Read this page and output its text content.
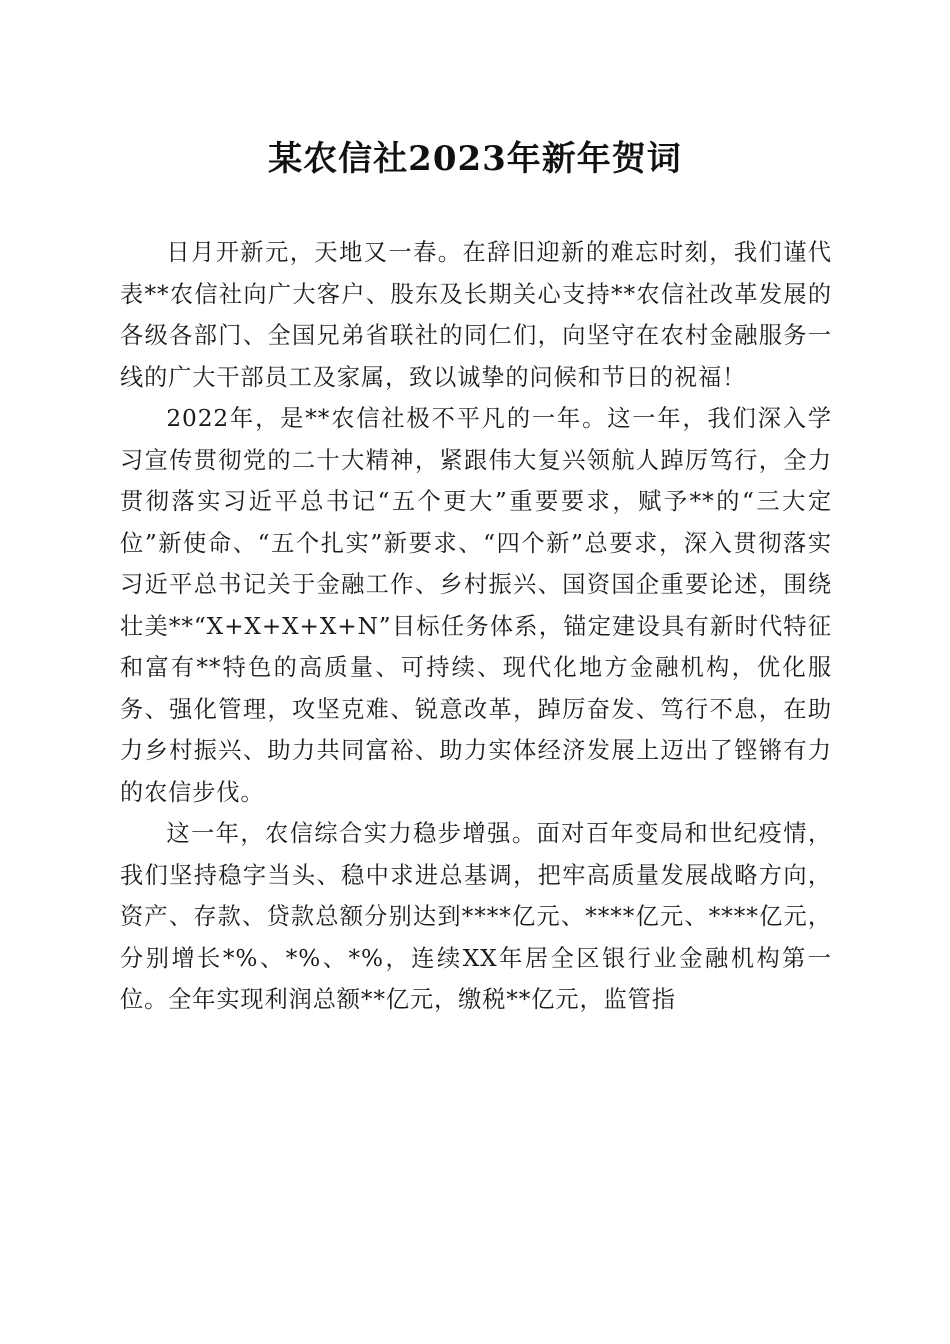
某农信社2023年新年贺词

日月开新元，天地又一春。在辞旧迎新的难忘时刻，我们谨代表**农信社向广大客户、股东及长期关心支持**农信社改革发展的各级各部门、全国兄弟省联社的同仁们，向坚守在农村金融服务一线的广大干部员工及家属，致以诚挚的问候和节日的祝福！

2022年，是**农信社极不平凡的一年。这一年，我们深入学习宣传贯彻党的二十大精神，紧跟伟大复兴领航人踔厉笃行，全力贯彻落实习近平总书记“五个更大”重要要求，赋予**的“三大定位”新使命、“五个扎实”新要求、“四个新”总要求，深入贯彻落实习近平总书记关于金融工作、乡村振兴、国资国企重要论述，围绕壮美**“X+X+X+X+N”目标任务体系，锚定建设具有新时代特征和富有**特色的高质量、可持续、现代化地方金融机构，优化服务、强化管理，攻坚克难、锐意改革，踔厉奋发、笃行不息，在助力乡村振兴、助力共同富裕、助力实体经济发展上迈出了铿锵有力的农信步伐。

这一年，农信综合实力稳步增强。面对百年变局和世纪疫情，我们坚持稳字当头、稳中求进总基调，把牢高质量发展战略方向，资产、存款、贷款总额分别达到****亿元、****亿元、****亿元，分别增长*%、*%、*%，连续XX年居全区银行业金融机构第一位。全年实现利润总额**亿元，缴税**亿元，监管指
